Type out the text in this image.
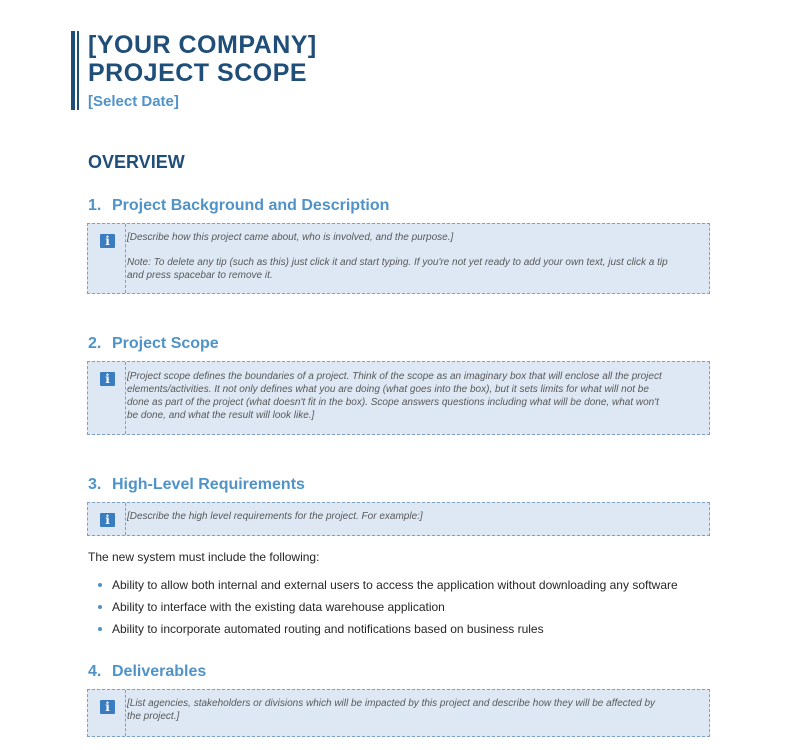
[YOUR COMPANY]
PROJECT SCOPE
[Select Date]
OVERVIEW
1. Project Background and Description
i	[Describe how this project came about, who is involved, and the purpose.]
Note: To delete any tip (such as this) just click it and start typing. If you're not yet ready to add your own text, just click a tip and press spacebar to remove it.
2. Project Scope
i	[Project scope defines the boundaries of a project. Think of the scope as an imaginary box that will enclose all the project elements/activities. It not only defines what you are doing (what goes into the box), but it sets limits for what will not be done as part of the project (what doesn't fit in the box). Scope answers questions including what will be done, what won't be done, and what the result will look like.]
3. High-Level Requirements
i	[Describe the high level requirements for the project. For example:]
The new system must include the following:
Ability to allow both internal and external users to access the application without downloading any software
Ability to interface with the existing data warehouse application
Ability to incorporate automated routing and notifications based on business rules
4. Deliverables
i	[List agencies, stakeholders or divisions which will be impacted by this project and describe how they will be affected by the project.]
